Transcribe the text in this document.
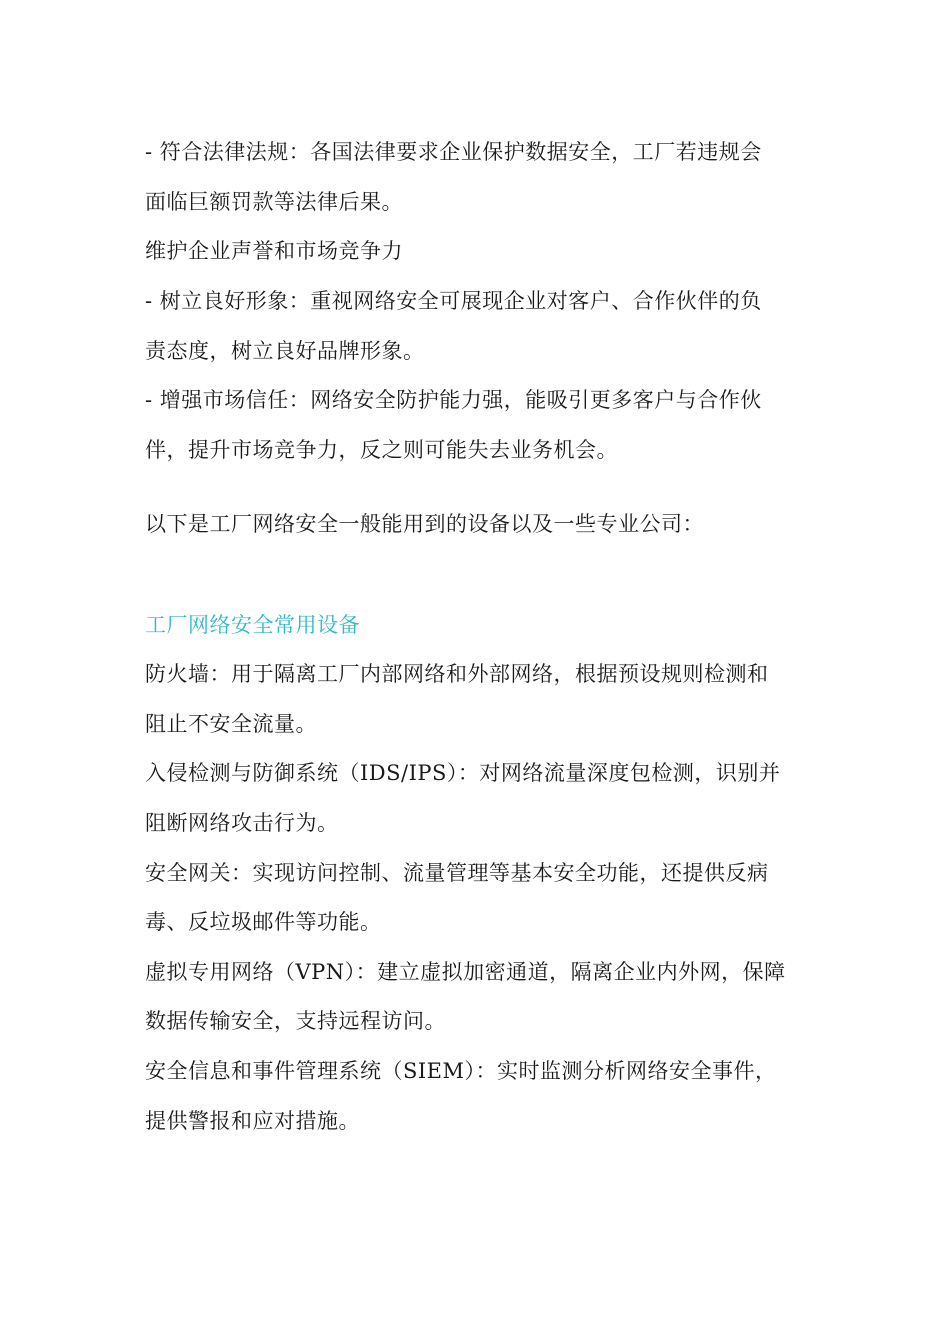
- 符合法律法规：各国法律要求企业保护数据安全，工厂若违规会
面临巨额罚款等法律后果。
维护企业声誉和市场竞争力
- 树立良好形象：重视网络安全可展现企业对客户、合作伙伴的负
责态度，树立良好品牌形象。
- 增强市场信任：网络安全防护能力强，能吸引更多客户与合作伙
伴，提升市场竞争力，反之则可能失去业务机会。
以下是工厂网络安全一般能用到的设备以及一些专业公司：
工厂网络安全常用设备
防火墙：用于隔离工厂内部网络和外部网络，根据预设规则检测和
阻止不安全流量。
入侵检测与防御系统（IDS/IPS）：对网络流量深度包检测，识别并
阻断网络攻击行为。
安全网关：实现访问控制、流量管理等基本安全功能，还提供反病
毒、反垃圾邮件等功能。
虚拟专用网络（VPN）：建立虚拟加密通道，隔离企业内外网，保障
数据传输安全，支持远程访问。
安全信息和事件管理系统（SIEM）：实时监测分析网络安全事件，
提供警报和应对措施。
